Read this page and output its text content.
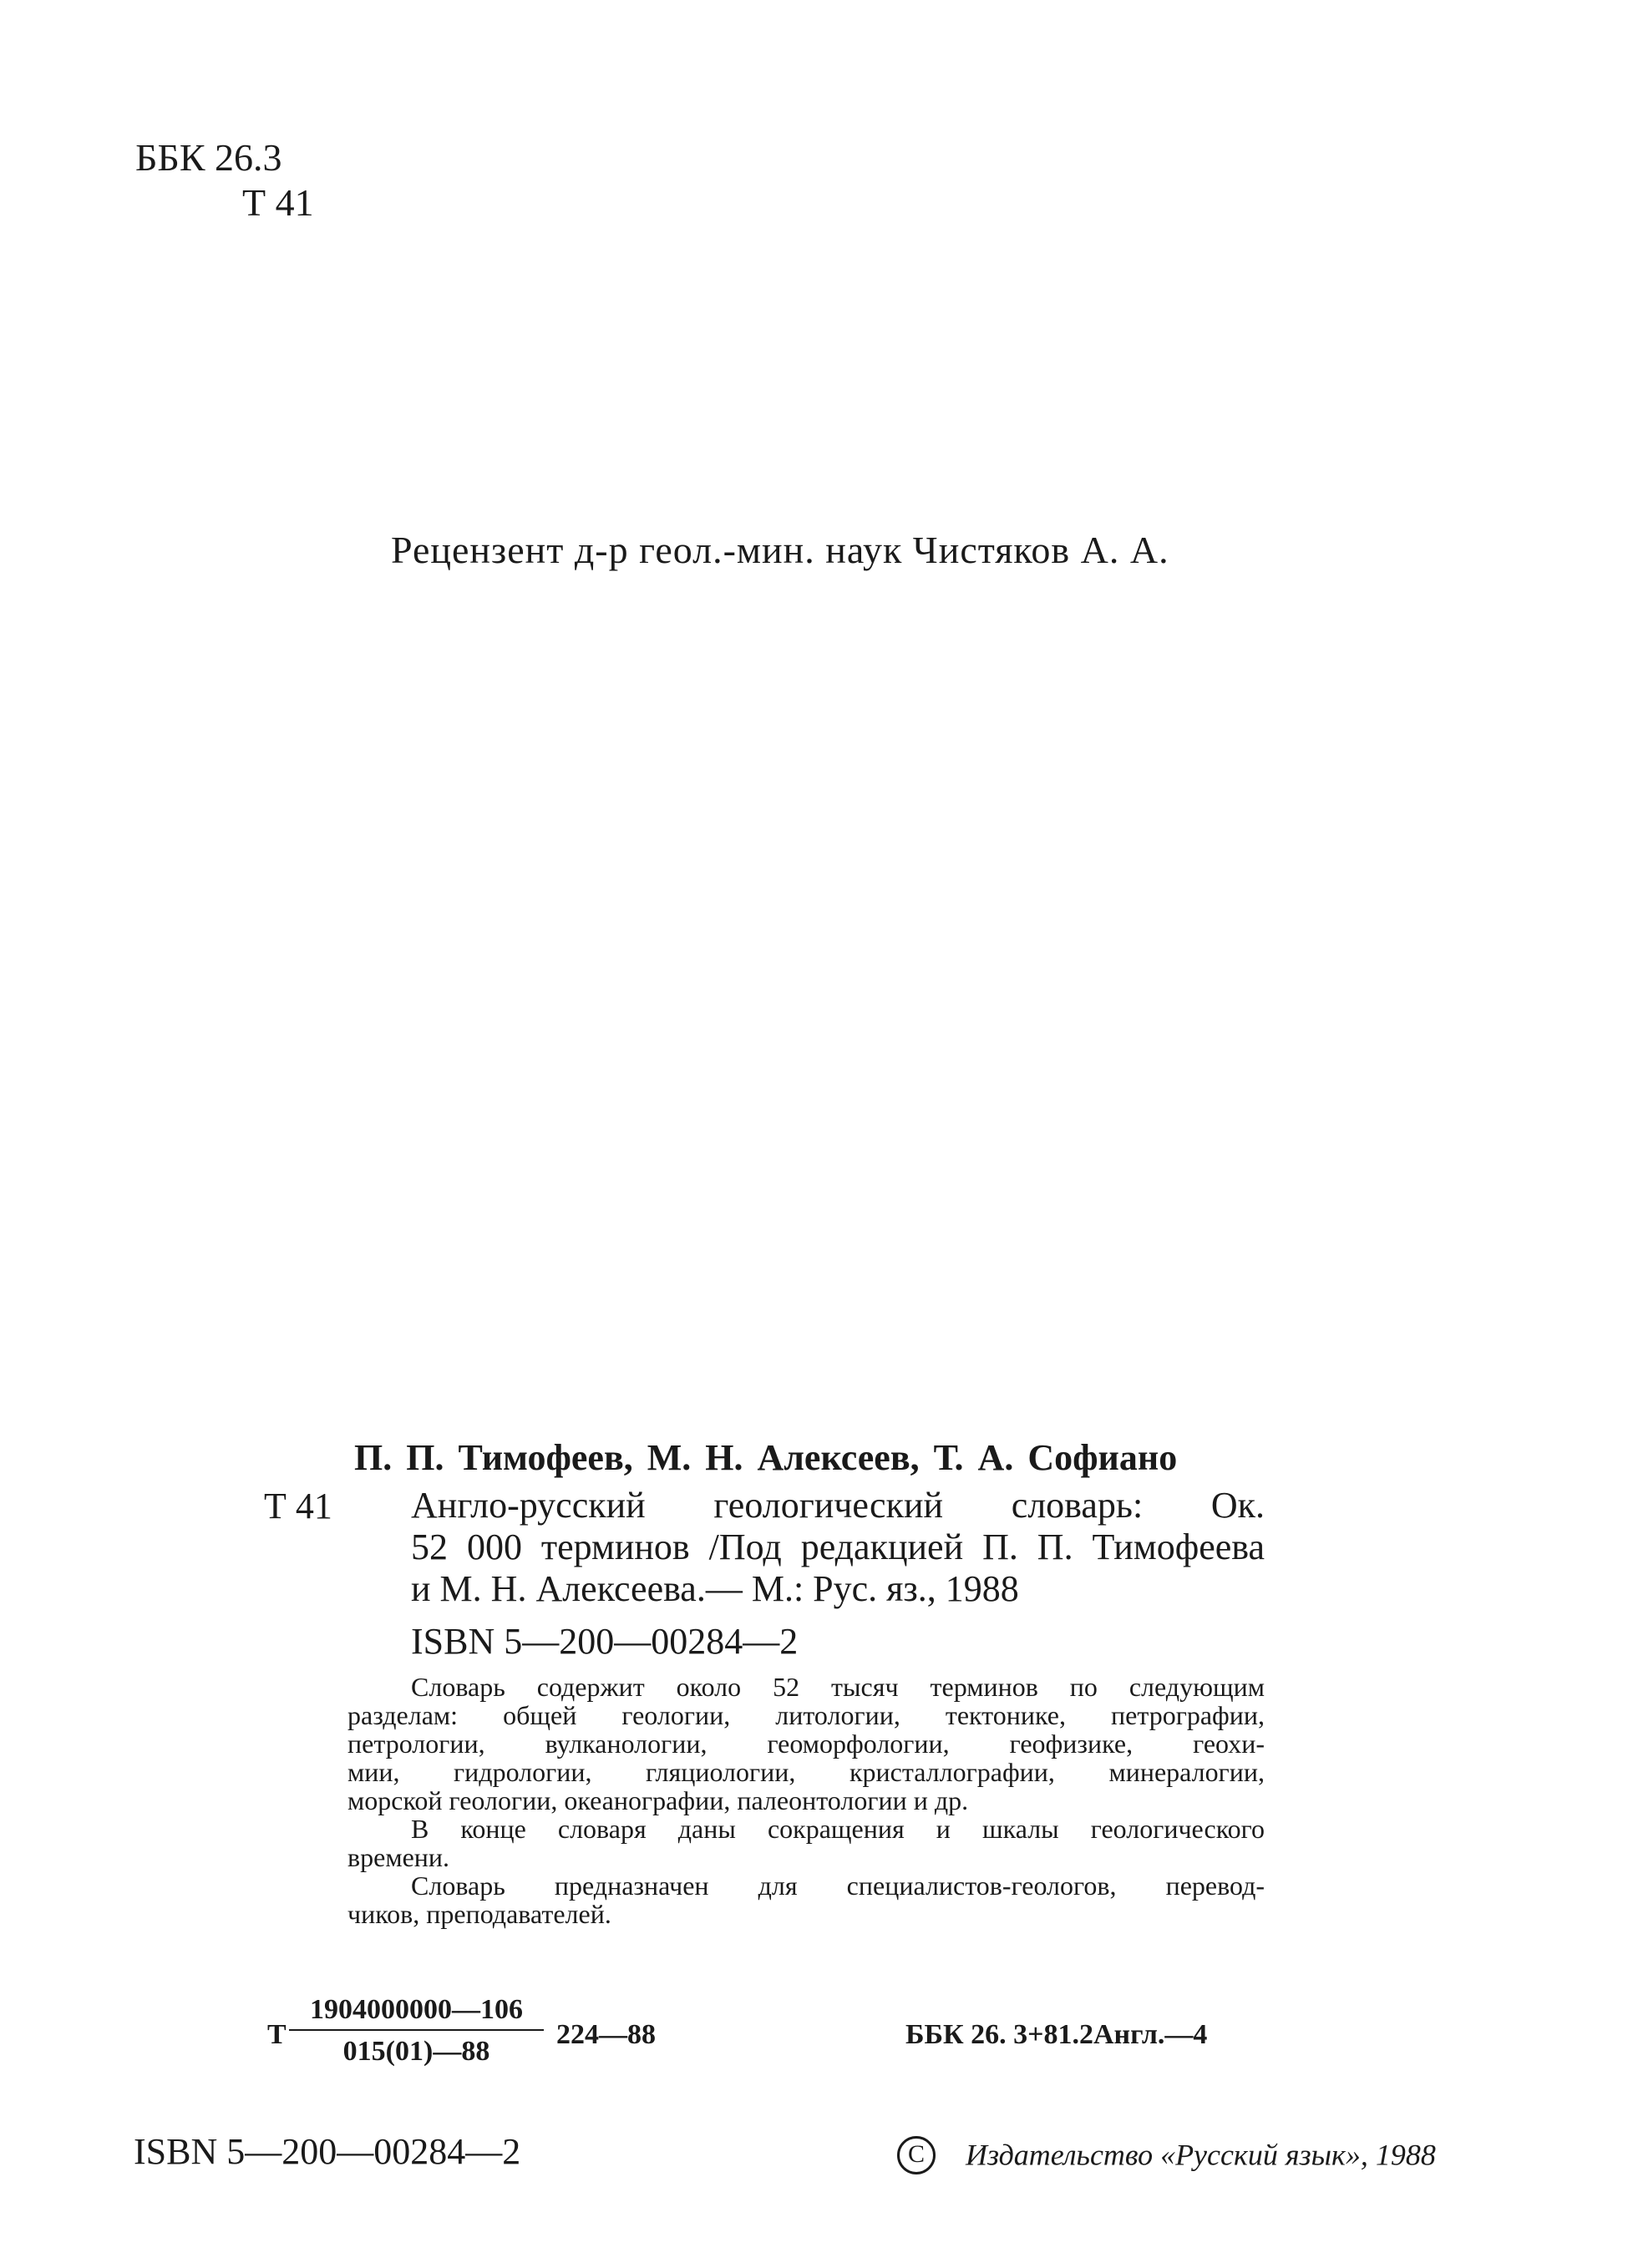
ББК 26.3
Т 41
Рецензент д-р геол.-мин. наук Чистяков А. А.
П. П. Тимофеев, М. Н. Алексеев, Т. А. Софиано
Т 41 Англо-русский геологический словарь: Ок.
52 000 терминов /Под редакцией П. П. Тимофеева
и М. Н. Алексеева.— М.: Рус. яз., 1988
ISBN 5—200—00284—2

Словарь содержит около 52 тысяч терминов по следующим
разделам: общей геологии, литологии, тектонике, петрографии,
петрологии, вулканологии, геоморфологии, геофизике, геохи-
мии, гидрологии, гляциологии, кристаллографии, минералогии,
морской геологии, океанографии, палеонтологии и др.

В конце словаря даны сокращения и шкалы геологического
времени.

Словарь предназначен для специалистов-геологов, перевод-
чиков, преподавателей.

Т
1904000000—106
015(01)—88
224—88	ББК 26. 3+81.2Англ.—4
ISBN 5—200—00284—2	С Издательство «Русский язык», 1988
